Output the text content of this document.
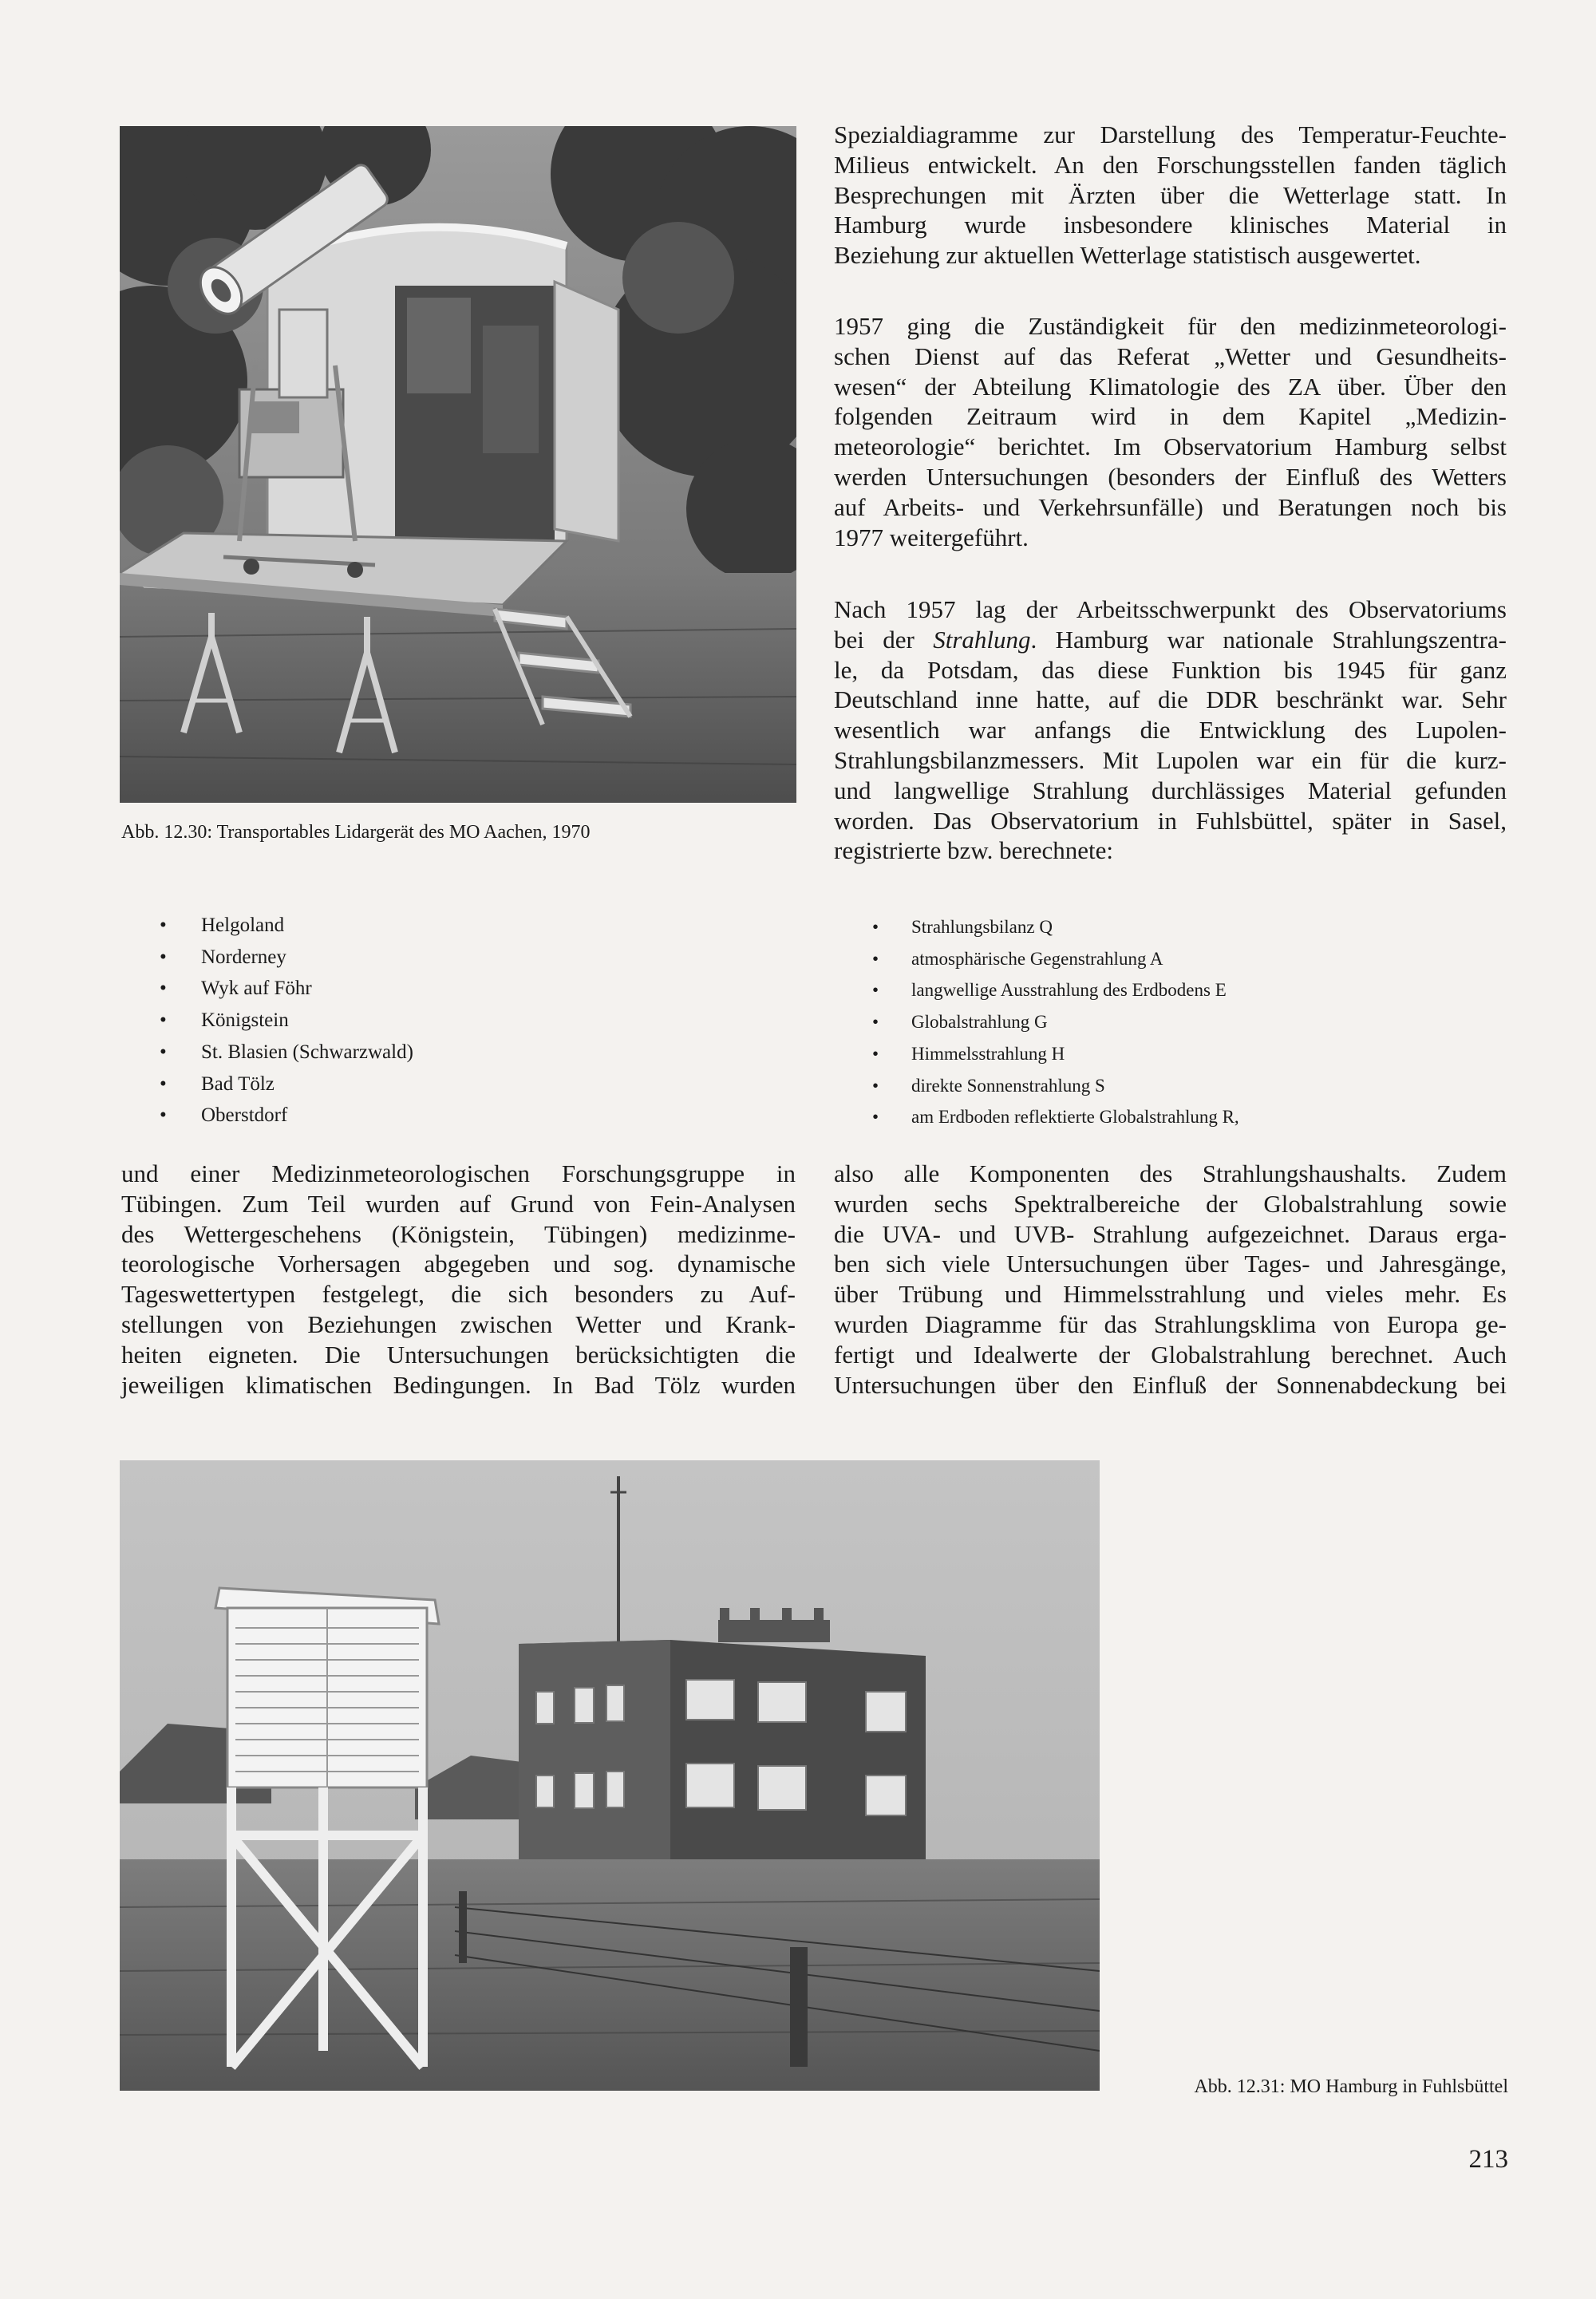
Abb. 12.30: Transportables Lidargerät des MO Aachen, 1970
• Helgoland
• Norderney
• Wyk auf Föhr
• Königstein
• St. Blasien (Schwarzwald)
• Bad Tölz
• Oberstdorf
und einer Medizinmeteorologischen Forschungsgruppe in
Tübingen. Zum Teil wurden auf Grund von Fein-Analysen
des Wettergeschehens (Königstein, Tübingen) medizinme-
teorologische Vorhersagen abgegeben und sog. dynamische
Tageswettertypen festgelegt, die sich besonders zu Auf-
stellungen von Beziehungen zwischen Wetter und Krank-
heiten eigneten. Die Untersuchungen berücksichtigten die
jeweiligen klimatischen Bedingungen. In Bad Tölz wurden
Spezialdiagramme zur Darstellung des Temperatur-Feuchte-
Milieus entwickelt. An den Forschungsstellen fanden täglich
Besprechungen mit Ärzten über die Wetterlage statt. In
Hamburg wurde insbesondere klinisches Material in
Beziehung zur aktuellen Wetterlage statistisch ausgewertet.
1957 ging die Zuständigkeit für den medizinmeteorologi-
schen Dienst auf das Referat „Wetter und Gesundheits-
wesen“ der Abteilung Klimatologie des ZA über. Über den
folgenden Zeitraum wird in dem Kapitel „Medizin-
meteorologie“ berichtet. Im Observatorium Hamburg selbst
werden Untersuchungen (besonders der Einfluß des Wetters
auf Arbeits- und Verkehrsunfälle) und Beratungen noch bis
1977 weitergeführt.
Nach 1957 lag der Arbeitsschwerpunkt des Observatoriums
bei der Strahlung. Hamburg war nationale Strahlungszentra-
le, da Potsdam, das diese Funktion bis 1945 für ganz
Deutschland inne hatte, auf die DDR beschränkt war. Sehr
wesentlich war anfangs die Entwicklung des Lupolen-
Strahlungsbilanzmessers. Mit Lupolen war ein für die kurz-
und langwellige Strahlung durchlässiges Material gefunden
worden. Das Observatorium in Fuhlsbüttel, später in Sasel,
registrierte bzw. berechnete:
• Strahlungsbilanz Q
• atmosphärische Gegenstrahlung A
• langwellige Ausstrahlung des Erdbodens E
• Globalstrahlung G
• Himmelsstrahlung H
• direkte Sonnenstrahlung S
• am Erdboden reflektierte Globalstrahlung R,
also alle Komponenten des Strahlungshaushalts. Zudem
wurden sechs Spektralbereiche der Globalstrahlung sowie
die UVA- und UVB- Strahlung aufgezeichnet. Daraus erga-
ben sich viele Untersuchungen über Tages- und Jahresgänge,
über Trübung und Himmelsstrahlung und vieles mehr. Es
wurden Diagramme für das Strahlungsklima von Europa ge-
fertigt und Idealwerte der Globalstrahlung berechnet. Auch
Untersuchungen über den Einfluß der Sonnenabdeckung bei
Abb. 12.31: MO Hamburg in Fuhlsbüttel
213
